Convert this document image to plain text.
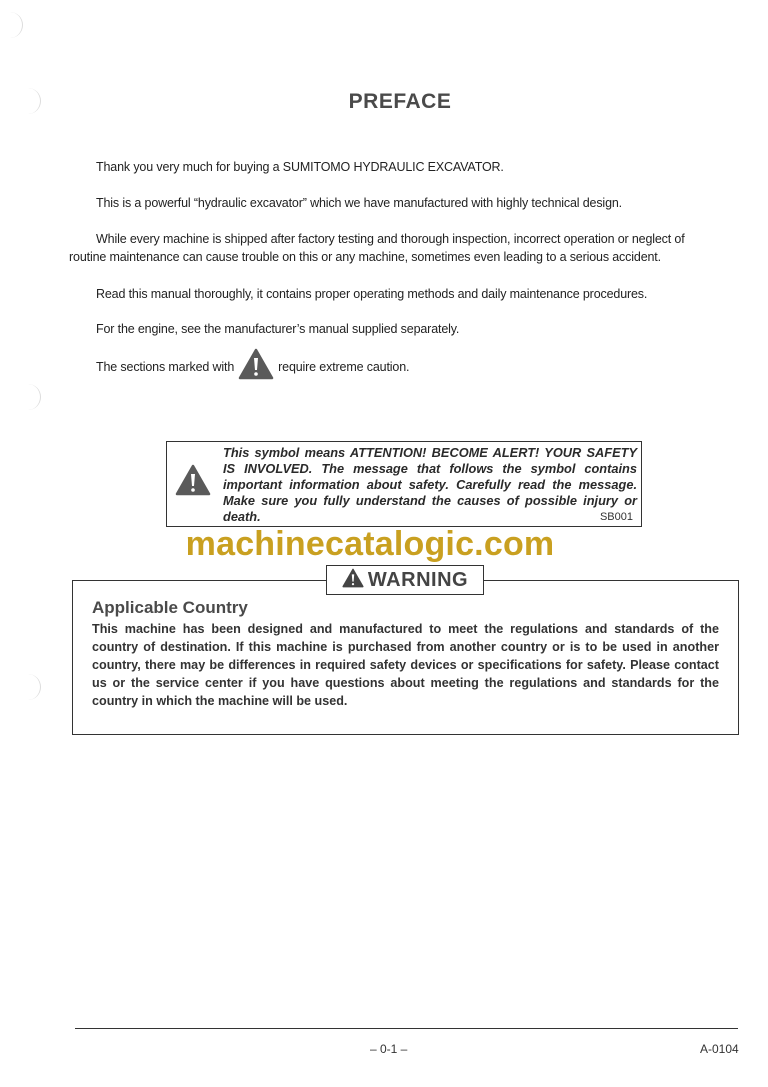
PREFACE
Thank you very much for buying a SUMITOMO HYDRAULIC EXCAVATOR.
This is a powerful “hydraulic excavator” which we have manufactured with highly technical design.
While every machine is shipped after factory testing and thorough inspection, incorrect operation or neglect of
routine maintenance can cause trouble on this or any machine, sometimes even leading to a serious accident.
Read this manual thoroughly, it contains proper operating methods and daily maintenance procedures.
For the engine, see the manufacturer’s manual supplied separately.
The sections marked with	require extreme caution.
This symbol means ATTENTION! BECOME ALERT! YOUR SAFETY IS INVOLVED. The message that follows the symbol contains important information about safety. Carefully read the message. Make sure you fully understand the causes of possible injury or death.	SB001
machinecatalogic.com
WARNING
Applicable Country
This machine has been designed and manufactured to meet the regulations and standards of the country of destination. If this machine is purchased from another country or is to be used in another country, there may be differences in required safety devices or specifications for safety. Please contact us or the service center if you have questions about meeting the regulations and standards for the country in which the machine will be used.
– 0-1 –	A-0104
